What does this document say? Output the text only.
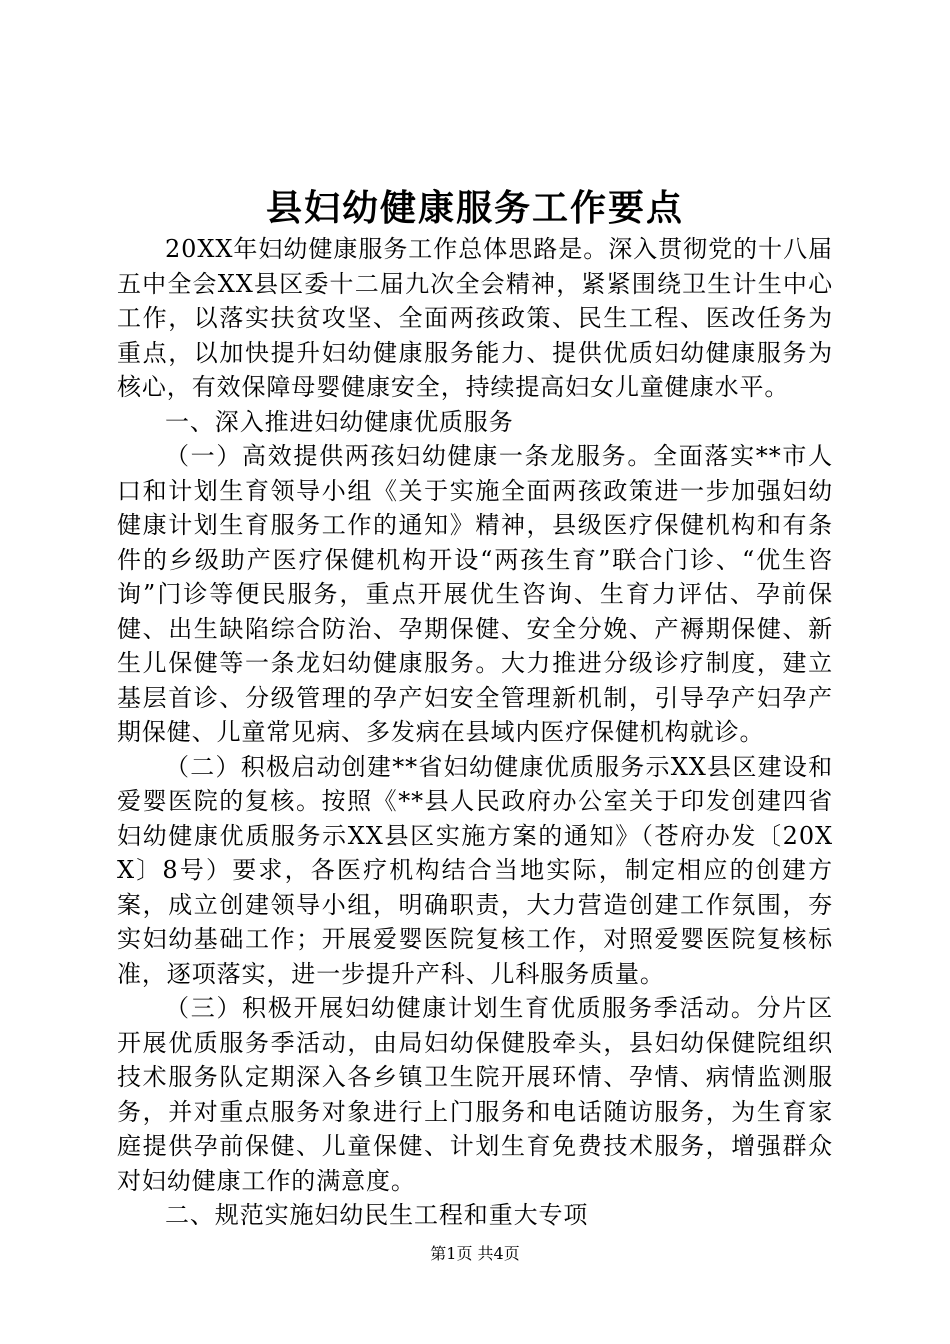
县妇幼健康服务工作要点

20XX年妇幼健康服务工作总体思路是。深入贯彻党的十八届五中全会XX县区委十二届九次全会精神，紧紧围绕卫生计生中心工作，以落实扶贫攻坚、全面两孩政策、民生工程、医改任务为重点，以加快提升妇幼健康服务能力、提供优质妇幼健康服务为核心，有效保障母婴健康安全，持续提高妇女儿童健康水平。

一、深入推进妇幼健康优质服务

（一）高效提供两孩妇幼健康一条龙服务。全面落实**市人口和计划生育领导小组《关于实施全面两孩政策进一步加强妇幼健康计划生育服务工作的通知》精神，县级医疗保健机构和有条件的乡级助产医疗保健机构开设“两孩生育”联合门诊、“优生咨询”门诊等便民服务，重点开展优生咨询、生育力评估、孕前保健、出生缺陷综合防治、孕期保健、安全分娩、产褥期保健、新生儿保健等一条龙妇幼健康服务。大力推进分级诊疗制度，建立基层首诊、分级管理的孕产妇安全管理新机制，引导孕产妇孕产期保健、儿童常见病、多发病在县域内医疗保健机构就诊。

（二）积极启动创建**省妇幼健康优质服务示XX县区建设和爱婴医院的复核。按照《**县人民政府办公室关于印发创建四省妇幼健康优质服务示XX县区实施方案的通知》（苍府办发〔20XX〕8号）要求，各医疗机构结合当地实际，制定相应的创建方案，成立创建领导小组，明确职责，大力营造创建工作氛围，夯实妇幼基础工作；开展爱婴医院复核工作，对照爱婴医院复核标准，逐项落实，进一步提升产科、儿科服务质量。

（三）积极开展妇幼健康计划生育优质服务季活动。分片区开展优质服务季活动，由局妇幼保健股牵头，县妇幼保健院组织技术服务队定期深入各乡镇卫生院开展环情、孕情、病情监测服务，并对重点服务对象进行上门服务和电话随访服务，为生育家庭提供孕前保健、儿童保健、计划生育免费技术服务，增强群众对妇幼健康工作的满意度。

二、规范实施妇幼民生工程和重大专项

第1页 共4页
